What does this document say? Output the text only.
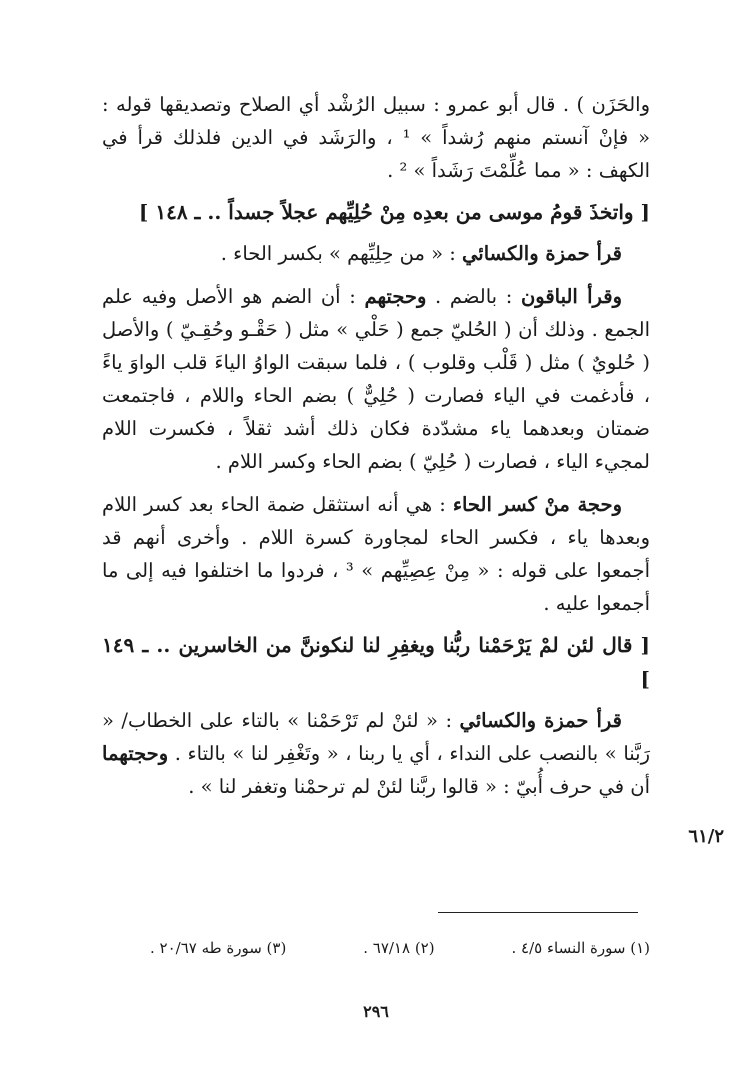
والحَزَن ) . قال أبو عمرو : سبيل الرُشْد أي الصلاح وتصديقها قوله : « فإنْ آنستم منهم رُشداً » ¹ ، والرَشَد في الدين فلذلك قرأ في الكهف : « مما عُلِّمْتَ رَشَداً » ² .

[ واتخذَ قومُ موسى من بعدِه مِنْ حُلِيِّهم عجلاً جسداً .. ـ ١٤٨ ]

قرأ حمزة والكسائي : « من حِلِيِّهم » بكسر الحاء .

وقرأ الباقون : بالضم . وحجتهم : أن الضم هو الأصل وفيه علم الجمع . وذلك أن ( الحُليّ جمع ( حَلْي » مثل ( حَقْـو وحُقِـيّ ) والأصل ( حُلويٌ ) مثل ( قَلْب وقلوب ) ، فلما سبقت الواوُ الياءَ قلب الواوَ ياءً ، فأدغمت في الياء فصارت ( حُلِيٌّ ) بضم الحاء واللام ، فاجتمعت ضمتان وبعدهما ياء مشدّدة فكان ذلك أشد ثقلاً ، فكسرت اللام لمجيء الياء ، فصارت ( حُلِيّ ) بضم الحاء وكسر اللام .

وحجة منْ كسر الحاء : هي أنه استثقل ضمة الحاء بعد كسر اللام وبعدها ياء ، فكسر الحاء لمجاورة كسرة اللام . وأخرى أنهم قد أجمعوا على قوله : « مِنْ عِصِيِّهم » ³ ، فردوا ما اختلفوا فيه إلى ما أجمعوا عليه .

[ قال لئن لمْ يَرْحَمْنا ربُّنا ويغفِرِ لنا لنكوننَّ من الخاسرين .. ـ ١٤٩ ]

قرأ حمزة والكسائي : « لئنْ لم تَرْحَمْنا » بالتاء على الخطاب/ « رَبَّنا » بالنصب على النداء ، أي يا ربنا ، « وتَغْفِر لنا » بالتاء . وحجتهما أن في حرف أُبيّ : « قالوا ربَّنا لئنْ لم ترحمْنا وتغفر لنا » .

٦١/٢
(١) سورة النساء ٤/٥ .
(٢) ٦٧/١٨ .
(٣) سورة طه ٢٠/٦٧ .
٢٩٦
